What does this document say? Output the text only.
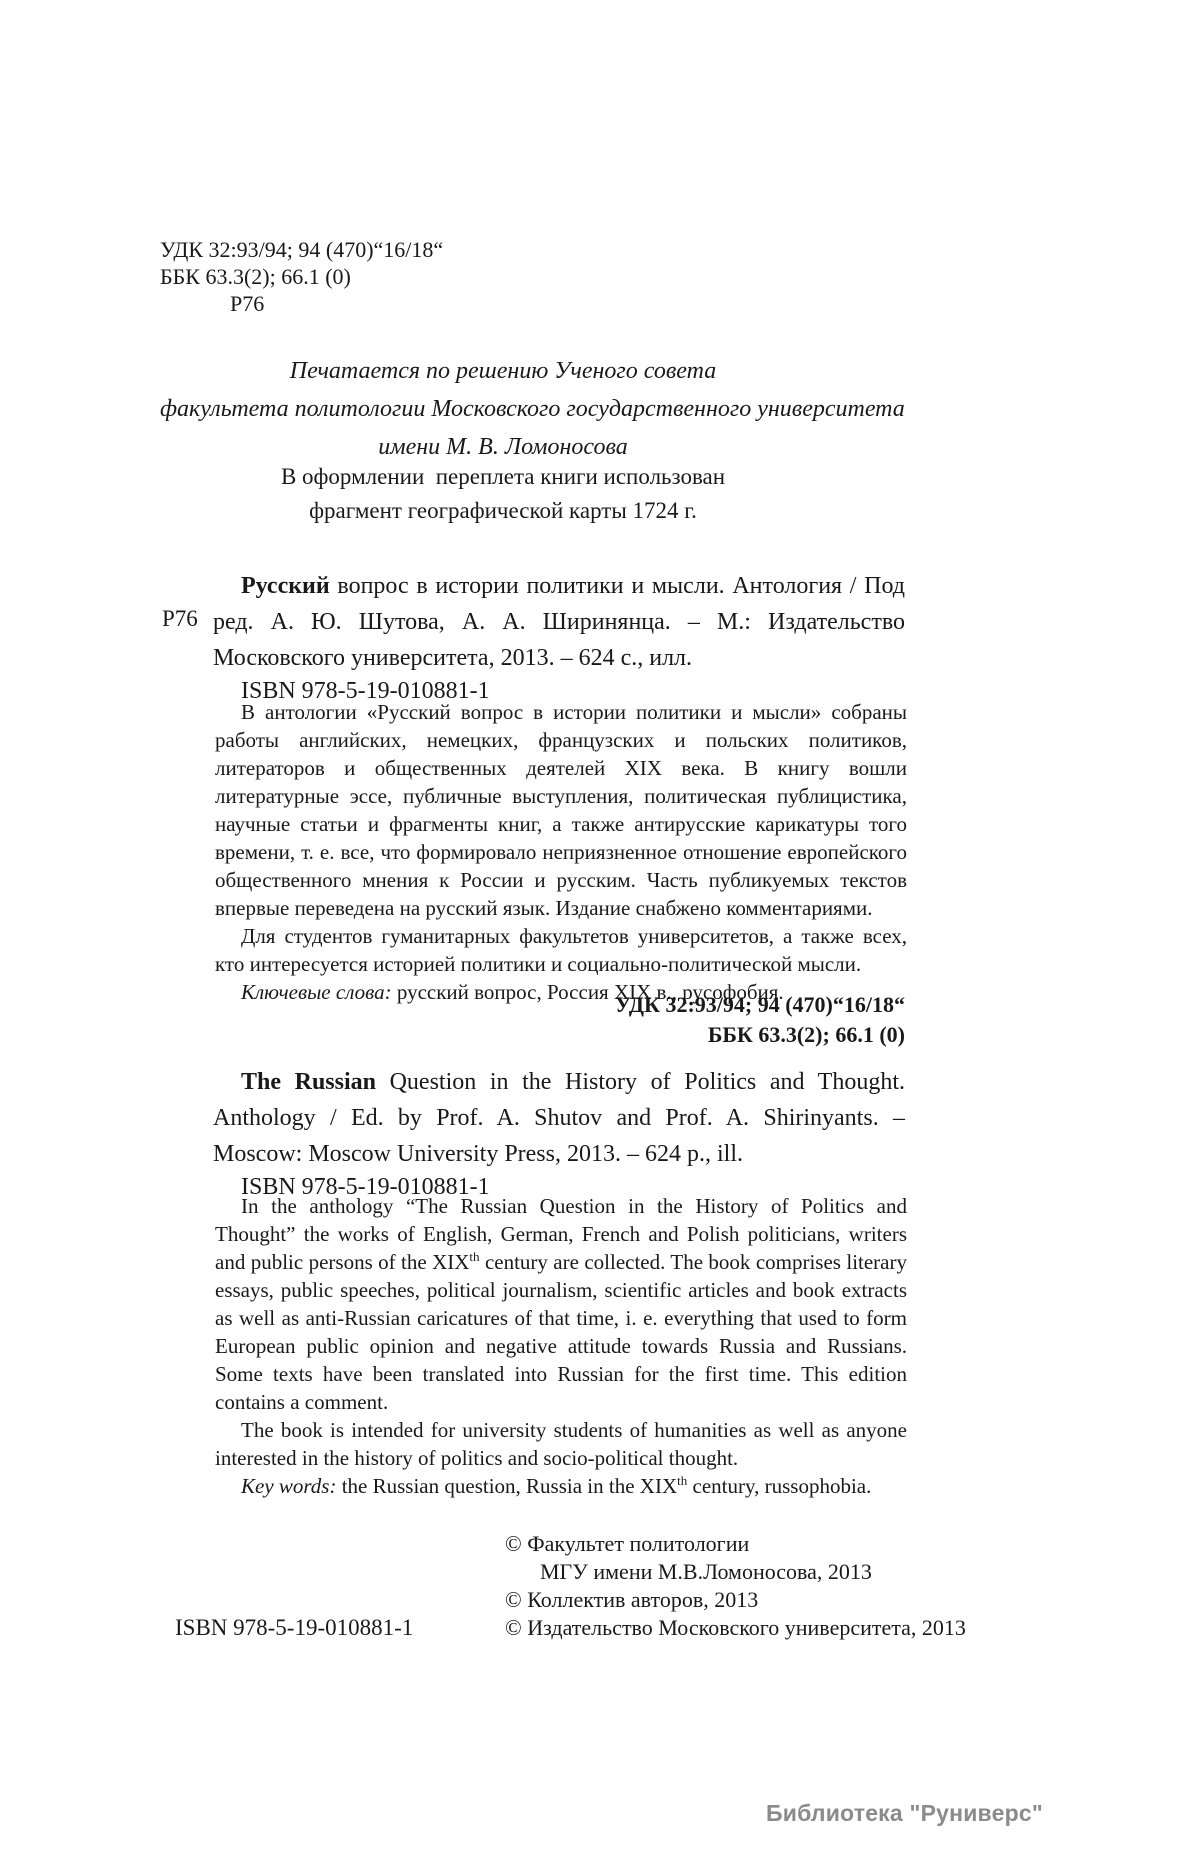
УДК 32:93/94; 94 (470)“16/18“
ББК 63.3(2); 66.1 (0)
Р76
Печатается по решению Ученого совета
факультета политологии Московского государственного университета
имени М. В. Ломоносова
В оформлении  переплета книги использован
фрагмент географической карты 1724 г.
Р76

Русский вопрос в истории политики и мысли. Антология / Под ред. А. Ю. Шутова, А. А. Ширинянца. – М.: Издательство Московского университета, 2013. – 624 с., илл.

ISBN 978-5-19-010881-1

В антологии «Русский вопрос в истории политики и мысли» собраны работы английских, немецких, французских и польских политиков, литераторов и общественных деятелей XIX века. В книгу вошли литературные эссе, публичные выступления, политическая публицистика, научные статьи и фрагменты книг, а также антирусские карикатуры того времени, т. е. все, что формировало неприязненное отношение европейского общественного мнения к России и русским. Часть публикуемых текстов впервые переведена на русский язык. Издание снабжено комментариями.

Для студентов гуманитарных факультетов университетов, а также всех, кто интересуется историей политики и социально-политической мысли.

Ключевые слова: русский вопрос, Россия XIX в., русофобия.

УДК 32:93/94; 94 (470)“16/18“
ББК 63.3(2); 66.1 (0)

The Russian Question in the History of Politics and Thought. Anthology / Ed. by Prof. A. Shutov and Prof. A. Shirinyants. – Moscow: Moscow University Press, 2013. – 624 p., ill.

ISBN 978-5-19-010881-1

In the anthology “The Russian Question in the History of Politics and Thought” the works of English, German, French and Polish politicians, writers and public persons of the XIXth century are collected. The book comprises literary essays, public speeches, political journalism, scientific articles and book extracts as well as anti-Russian caricatures of that time, i. e. everything that used to form European public opinion and negative attitude towards Russia and Russians. Some texts have been translated into Russian for the first time. This edition contains a comment.

The book is intended for university students of humanities as well as anyone interested in the history of politics and socio-political thought.

Key words: the Russian question, Russia in the XIXth century, russophobia.

© Факультет политологии
МГУ имени М.В.Ломоносова, 2013
© Коллектив авторов, 2013
© Издательство Московского университета, 2013
ISBN 978-5-19-010881-1
Библиотека "Руниверс"
